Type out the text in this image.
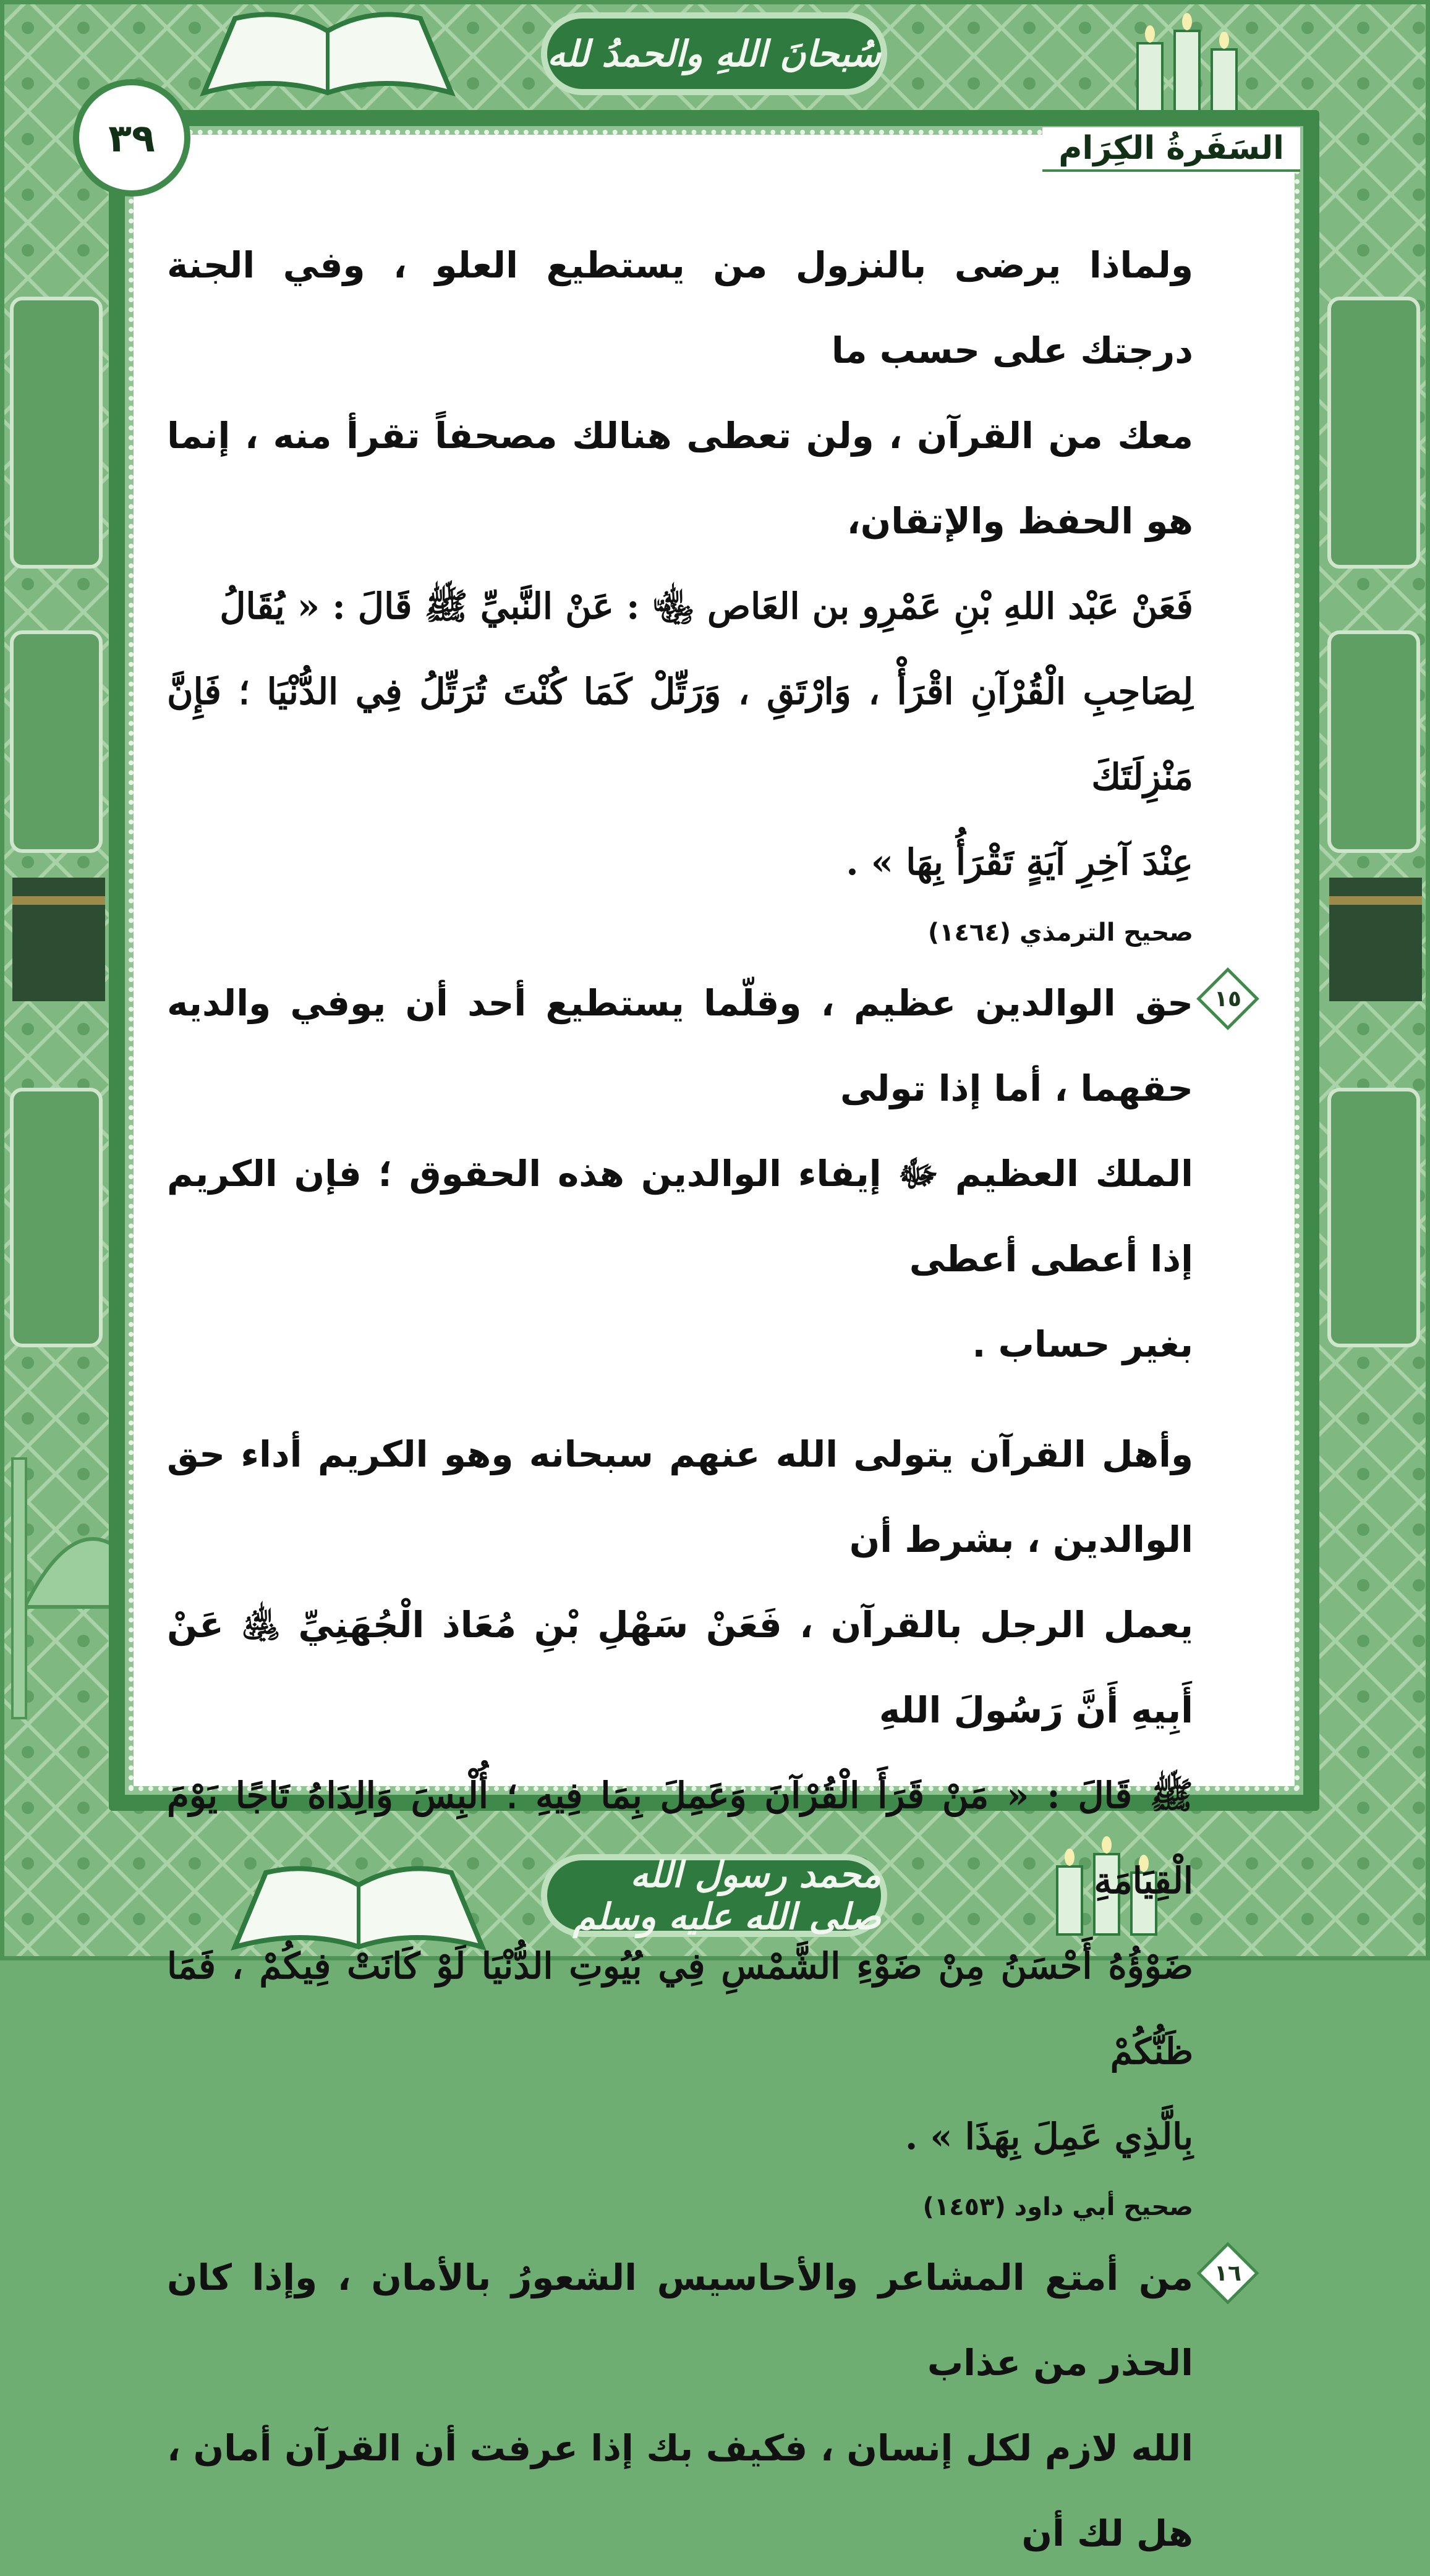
سُبحانَ اللهِ والحمدُ لله
محمد رسول الله صلى الله عليه وسلم
٣٩	السَفَرةُ الكِرَام

ولماذا يرضى بالنزول من يستطيع العلو ، وفي الجنة درجتك على حسب ما

معك من القرآن ، ولن تعطى هنالك مصحفاً تقرأ منه ، إنما هو الحفظ والإتقان،

فَعَنْ عَبْد اللهِ بْنِ عَمْرِو بن العَاص ﵄ : عَنْ النَّبيِّ ﷺ قَالَ : « يُقَالُ

لِصَاحِبِ الْقُرْآنِ اقْرَأْ ، وَارْتَقِ ، وَرَتِّلْ كَمَا كُنْتَ تُرَتِّلُ فِي الدُّنْيَا ؛ فَإِنَّ مَنْزِلَتَكَ

عِنْدَ آخِرِ آيَةٍ تَقْرَأُ بِهَا » .

صحيح الترمذي (١٤٦٤)
١٥

حق الوالدين عظيم ، وقلّما يستطيع أحد أن يوفي والديه حقهما ، أما إذا تولى

الملك العظيم ﷻ إيفاء الوالدين هذه الحقوق ؛ فإن الكريم إذا أعطى أعطى

بغير حساب .

وأهل القرآن يتولى الله عنهم سبحانه وهو الكريم أداء حق الوالدين ، بشرط أن

يعمل الرجل بالقرآن ، فَعَنْ سَهْلِ بْنِ مُعَاذ الْجُهَنِيِّ ﵁ عَنْ أَبِيهِ أَنَّ رَسُولَ اللهِ

ﷺ قَالَ : « مَنْ قَرَأَ الْقُرْآنَ وَعَمِلَ بِمَا فِيهِ ؛ أُلْبِسَ وَالِدَاهُ تَاجًا يَوْمَ الْقِيَامَةِ

ضَوْؤُهُ أَحْسَنُ مِنْ ضَوْءِ الشَّمْسِ فِي بُيُوتِ الدُّنْيَا لَوْ كَانَتْ فِيكُمْ ، فَمَا ظَنُّكُمْ

بِالَّذِي عَمِلَ بِهَذَا » .

صحيح أبي داود (١٤٥٣)
١٦

من أمتع المشاعر والأحاسيس الشعورُ بالأمان ، وإذا كان الحذر من عذاب

الله لازم لكل إنسان ، فكيف بك إذا عرفت أن القرآن أمان ، هل لك أن
